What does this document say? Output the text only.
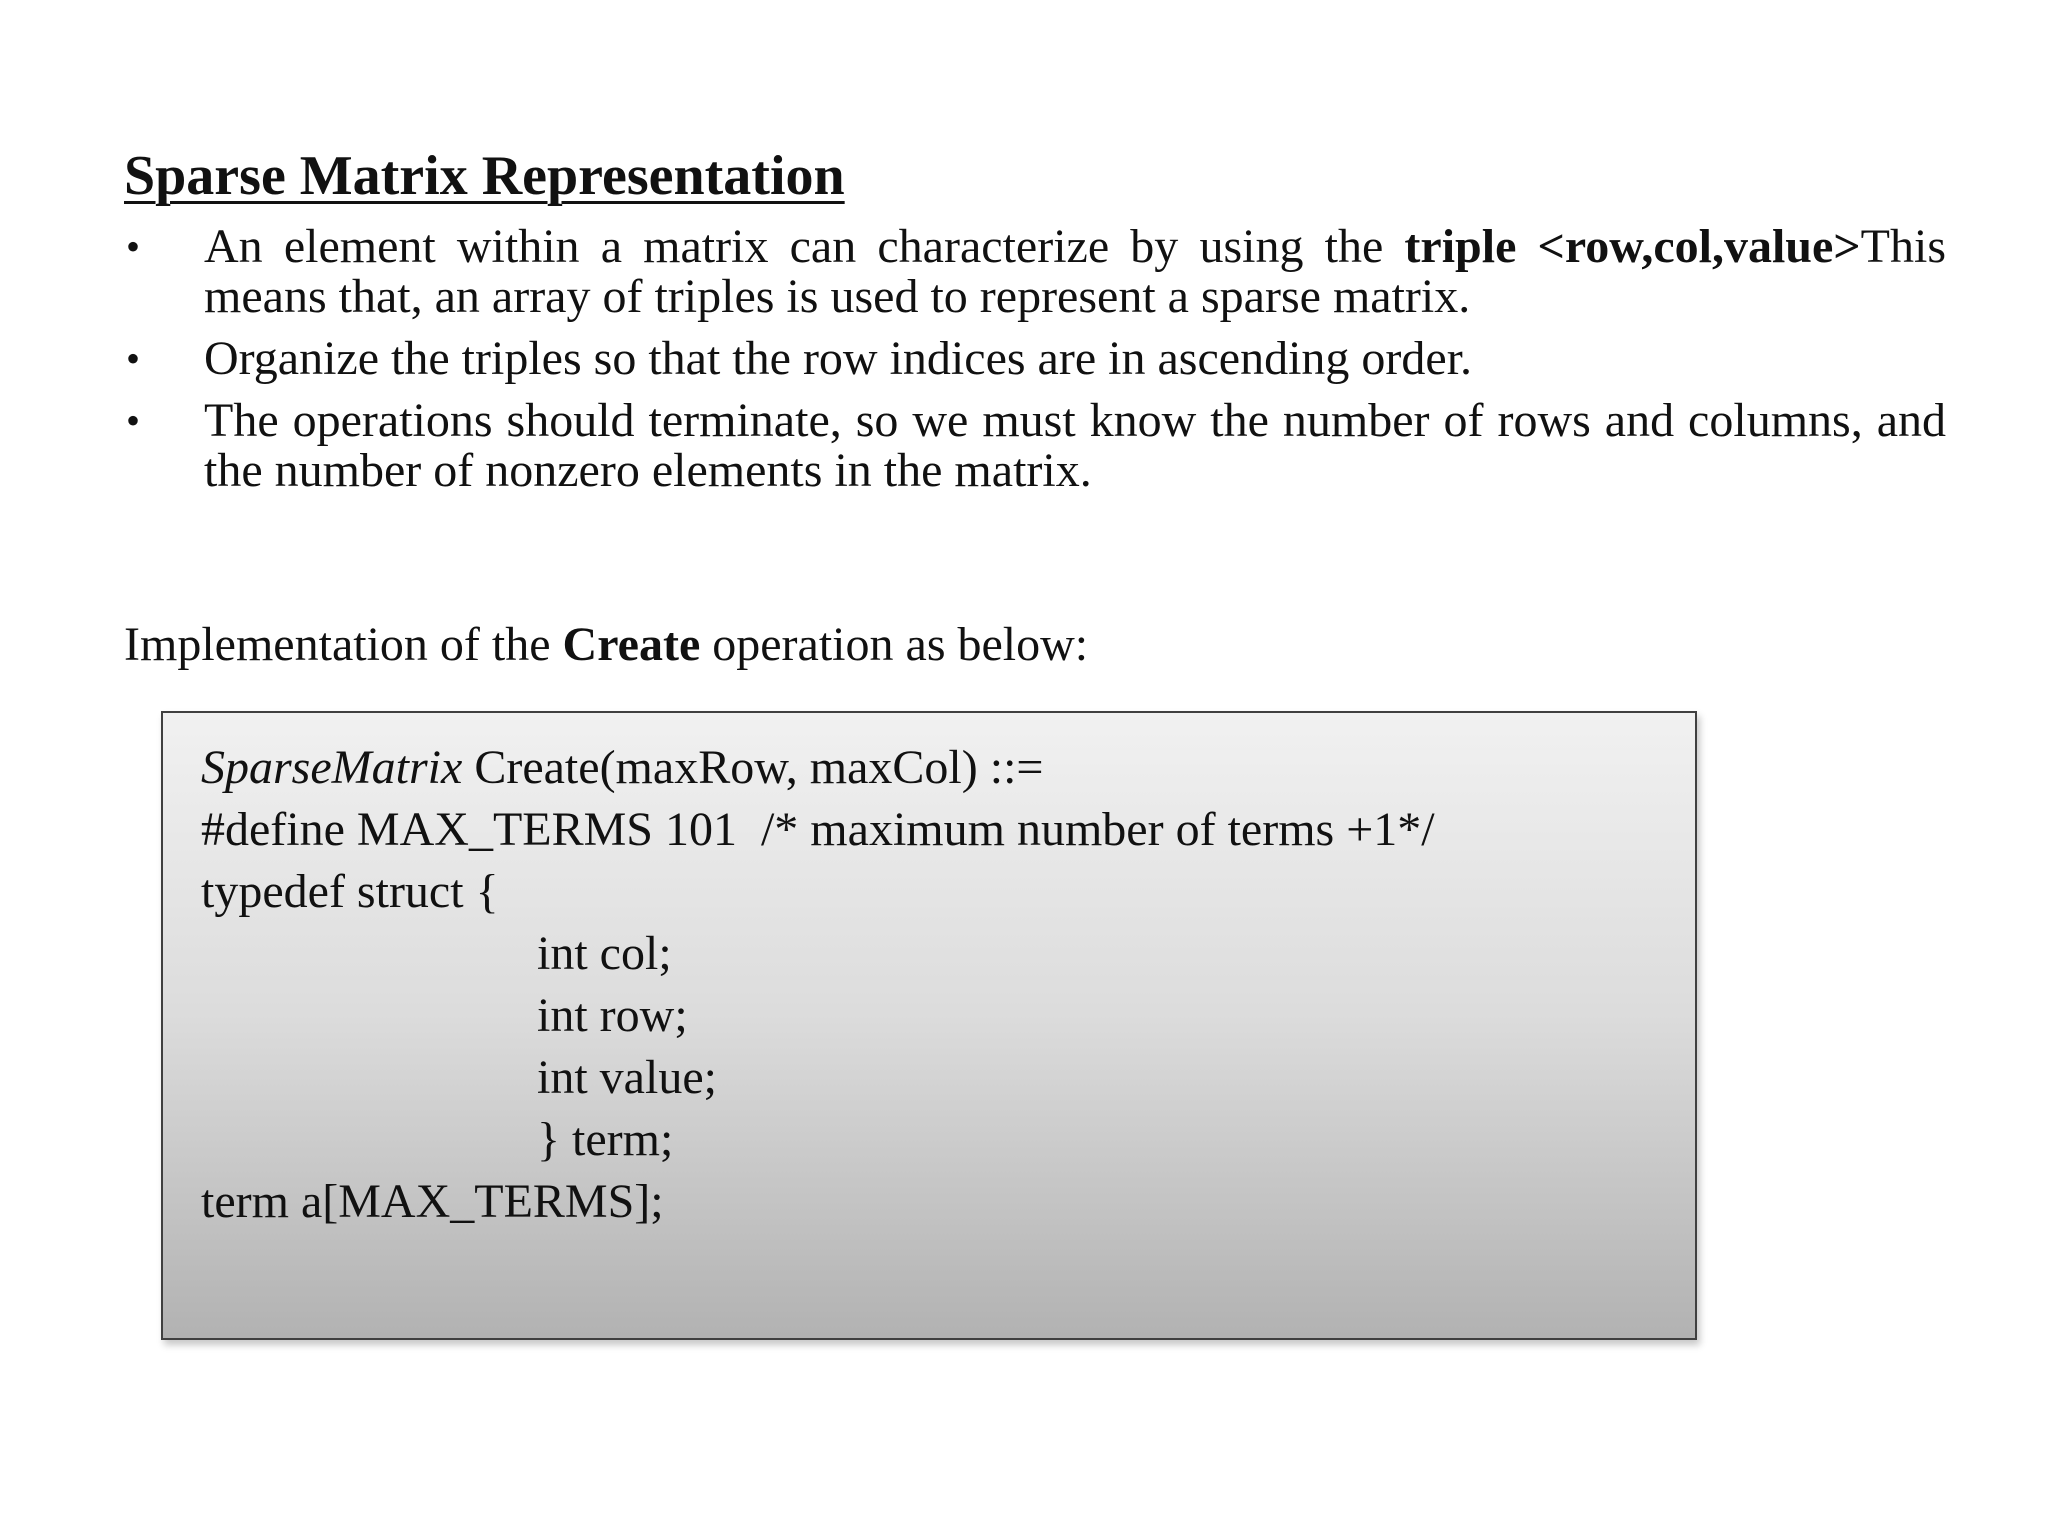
Sparse Matrix Representation
•	An element within a matrix can characterize by using the triple <row,col,value>This means that, an array of triples is used to represent a sparse matrix.
•	Organize the triples so that the row indices are in ascending order.
•	The operations should terminate, so we must know the number of rows and columns, and the number of nonzero elements in the matrix.

Implementation of the Create operation as below:

SparseMatrix Create(maxRow, maxCol) ::=
#define MAX_TERMS 101  /* maximum number of terms +1*/
typedef struct {
int col;
int row;
int value;
} term;
term a[MAX_TERMS];
